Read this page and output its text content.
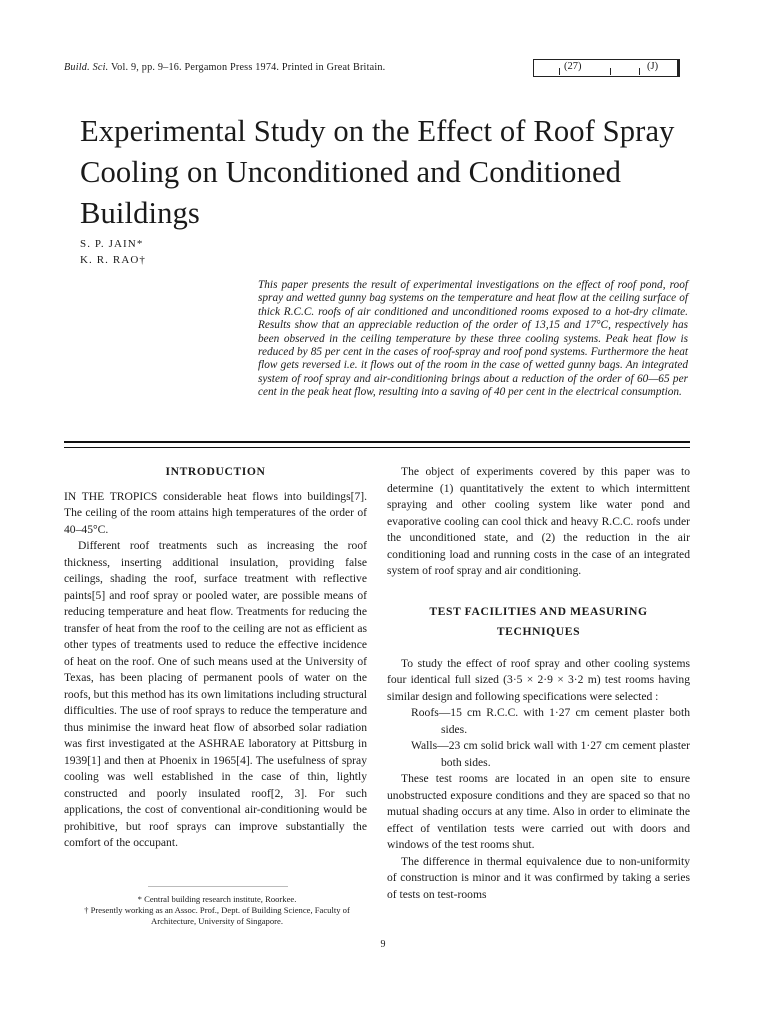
Build. Sci. Vol. 9, pp. 9–16. Pergamon Press 1974. Printed in Great Britain.	(27)	(J)
Experimental Study on the Effect of Roof Spray Cooling on Unconditioned and Conditioned Buildings
S. P. JAIN*
K. R. RAO†

This paper presents the result of experimental investigations on the effect of roof pond, roof spray and wetted gunny bag systems on the temperature and heat flow at the ceiling surface of thick R.C.C. roofs of air conditioned and unconditioned rooms exposed to a hot-dry climate. Results show that an appreciable reduction of the order of 13,15 and 17°C, respectively has been observed in the ceiling temperature by these three cooling systems. Peak heat flow is reduced by 85 per cent in the cases of roof-spray and roof pond systems. Furthermore the heat flow gets reversed i.e. it flows out of the room in the case of wetted gunny bags. An integrated system of roof spray and air-conditioning brings about a reduction of the order of 60—65 per cent in the peak heat flow, resulting into a saving of 40 per cent in the electrical consumption.

INTRODUCTION

IN THE TROPICS considerable heat flows into buildings[7]. The ceiling of the room attains high temperatures of the order of 40–45°C.

Different roof treatments such as increasing the roof thickness, inserting additional insulation, providing false ceilings, shading the roof, surface treatment with reflective paints[5] and roof spray or pooled water, are possible means of reducing temperature and heat flow. Treatments for reducing the transfer of heat from the roof to the ceiling are not as efficient as other types of treatments used to reduce the effective incidence of heat on the roof. One of such means used at the University of Texas, has been placing of permanent pools of water on the roofs, but this method has its own limitations including structural difficulties. The use of roof sprays to reduce the temperature and thus minimise the inward heat flow of absorbed solar radiation was first investigated at the ASHRAE laboratory at Pittsburg in 1939[1] and then at Phoenix in 1965[4]. The usefulness of spray cooling was well established in the case of thin, lightly constructed and poorly insulated roof[2, 3]. For such applications, the cost of conventional air-conditioning would be prohibitive, but roof sprays can improve substantially the comfort of the occupant.

The object of experiments covered by this paper was to determine (1) quantitatively the extent to which intermittent spraying and other cooling system like water pond and evaporative cooling can cool thick and heavy R.C.C. roofs under the unconditioned state, and (2) the reduction in the air conditioning load and running costs in the case of an integrated system of roof spray and air conditioning.

TEST FACILITIES AND MEASURING
TECHNIQUES

To study the effect of roof spray and other cooling systems four identical full sized (3·5 × 2·9 × 3·2 m) test rooms having similar design and following specifications were selected :

Roofs—15 cm R.C.C. with 1·27 cm cement plaster both sides.

Walls—23 cm solid brick wall with 1·27 cm cement plaster both sides.

These test rooms are located in an open site to ensure unobstructed exposure conditions and they are spaced so that no mutual shading occurs at any time. Also in order to eliminate the effect of ventilation tests were carried out with doors and windows of the test rooms shut.

The difference in thermal equivalence due to non-uniformity of construction is minor and it was confirmed by taking a series of tests on test-rooms

* Central building research institute, Roorkee.
† Presently working as an Assoc. Prof., Dept. of Building Science, Faculty of Architecture, University of Singapore.
9
